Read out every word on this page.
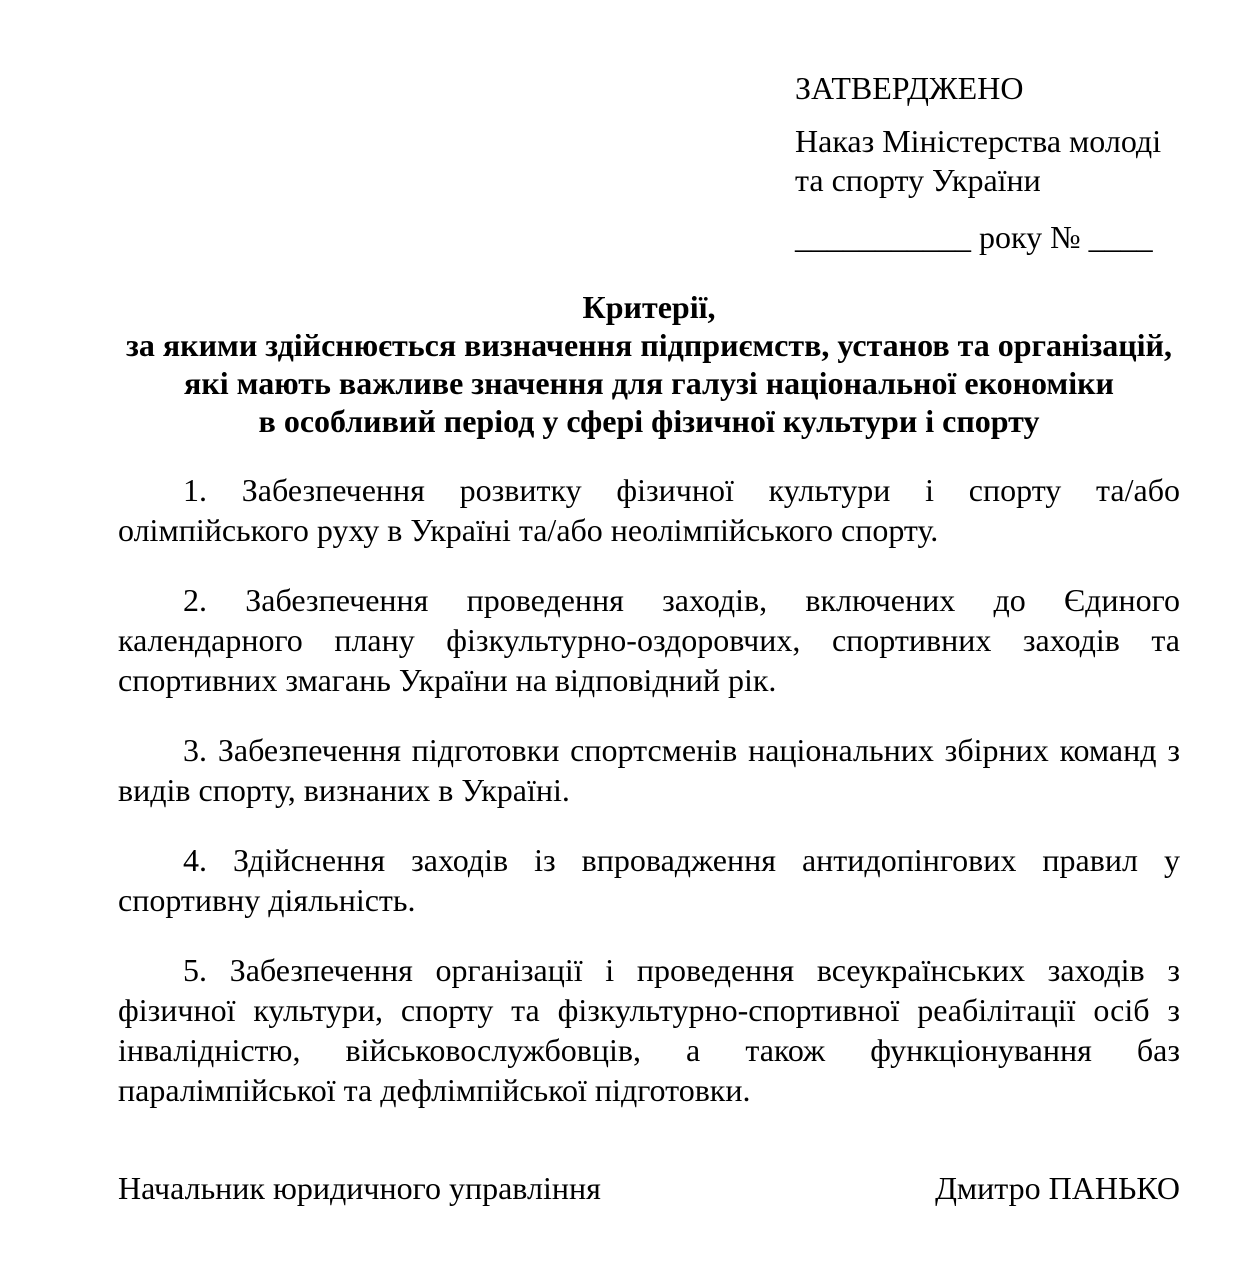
ЗАТВЕРДЖЕНО
Наказ Міністерства молоді
та спорту України
___________ року № ____
Критерії,
за якими здійснюється визначення підприємств, установ та організацій,
які мають важливе значення для галузі національної економіки
в особливий період у сфері фізичної культури і спорту

1. Забезпечення розвитку фізичної культури і спорту та/або олімпійського руху в Україні та/або неолімпійського спорту.

2. Забезпечення проведення заходів, включених до Єдиного календарного плану фізкультурно-оздоровчих, спортивних заходів та спортивних змагань України на відповідний рік.

3. Забезпечення підготовки спортсменів національних збірних команд з видів спорту, визнаних в Україні.

4. Здійснення заходів із впровадження антидопінгових правил у спортивну діяльність.

5. Забезпечення організації і проведення всеукраїнських заходів з фізичної культури, спорту та фізкультурно-спортивної реабілітації осіб з інвалідністю, військовослужбовців, а також функціонування баз паралімпійської та дефлімпійської підготовки.

Начальник юридичного управління	Дмитро ПАНЬКО
